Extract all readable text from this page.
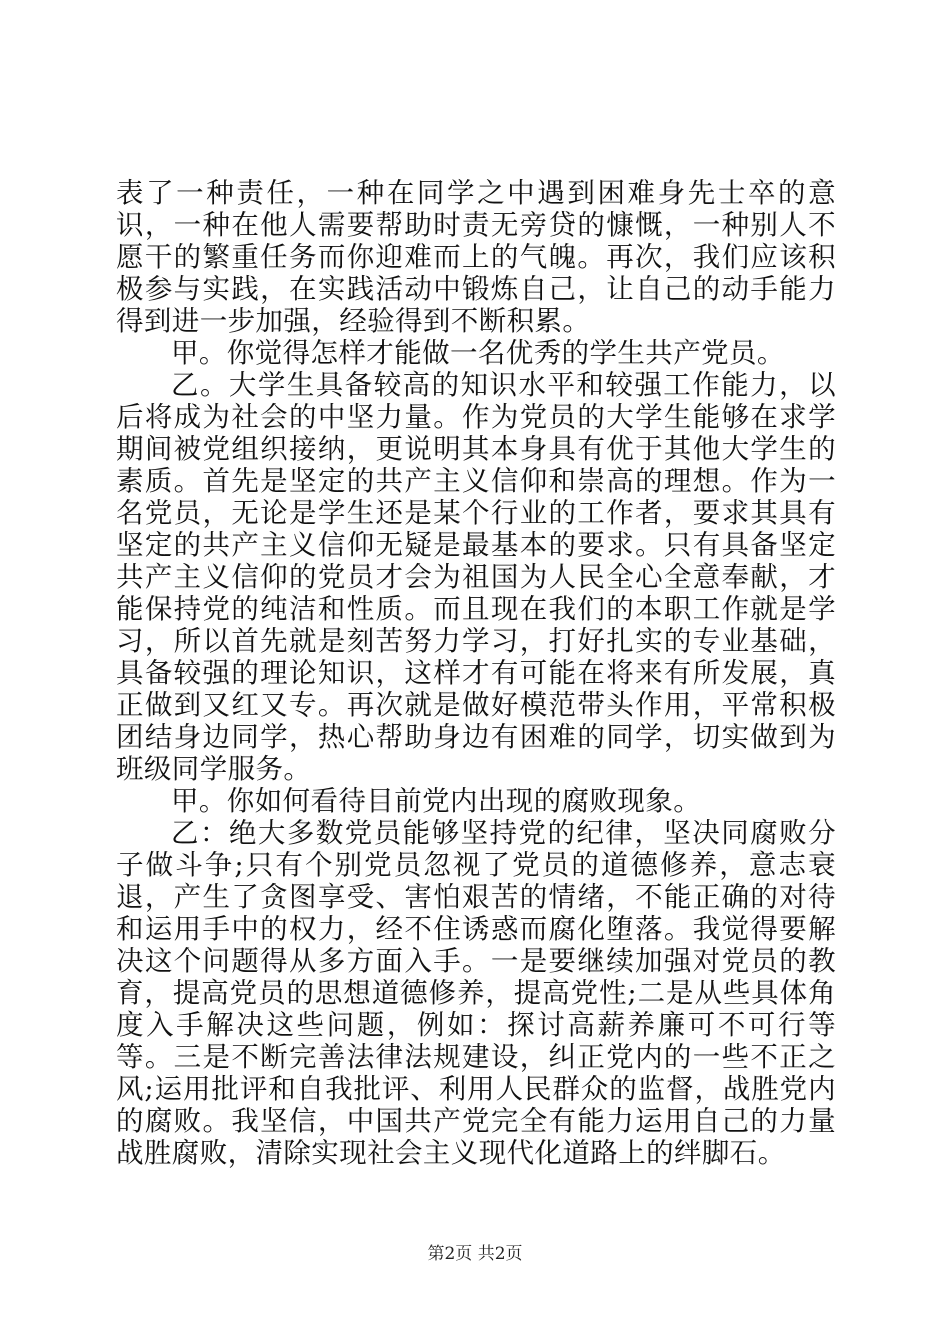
表了一种责任，一种在同学之中遇到困难身先士卒的意识，一种在他人需要帮助时责无旁贷的慷慨，一种别人不愿干的繁重任务而你迎难而上的气魄。再次，我们应该积极参与实践，在实践活动中锻炼自己，让自己的动手能力得到进一步加强，经验得到不断积累。

甲。你觉得怎样才能做一名优秀的学生共产党员。

乙。大学生具备较高的知识水平和较强工作能力，以后将成为社会的中坚力量。作为党员的大学生能够在求学期间被党组织接纳，更说明其本身具有优于其他大学生的素质。首先是坚定的共产主义信仰和崇高的理想。作为一名党员，无论是学生还是某个行业的工作者，要求其具有坚定的共产主义信仰无疑是最基本的要求。只有具备坚定共产主义信仰的党员才会为祖国为人民全心全意奉献，才能保持党的纯洁和性质。而且现在我们的本职工作就是学习，所以首先就是刻苦努力学习，打好扎实的专业基础，具备较强的理论知识，这样才有可能在将来有所发展，真正做到又红又专。再次就是做好模范带头作用，平常积极团结身边同学，热心帮助身边有困难的同学，切实做到为班级同学服务。

甲。你如何看待目前党内出现的腐败现象。

乙：绝大多数党员能够坚持党的纪律，坚决同腐败分子做斗争;只有个别党员忽视了党员的道德修养，意志衰退，产生了贪图享受、害怕艰苦的情绪，不能正确的对待和运用手中的权力，经不住诱惑而腐化堕落。我觉得要解决这个问题得从多方面入手。一是要继续加强对党员的教育，提高党员的思想道德修养，提高党性;二是从些具体角度入手解决这些问题，例如：探讨高薪养廉可不可行等等。三是不断完善法律法规建设，纠正党内的一些不正之风;运用批评和自我批评、利用人民群众的监督，战胜党内的腐败。我坚信，中国共产党完全有能力运用自己的力量战胜腐败，清除实现社会主义现代化道路上的绊脚石。

第2页 共2页
